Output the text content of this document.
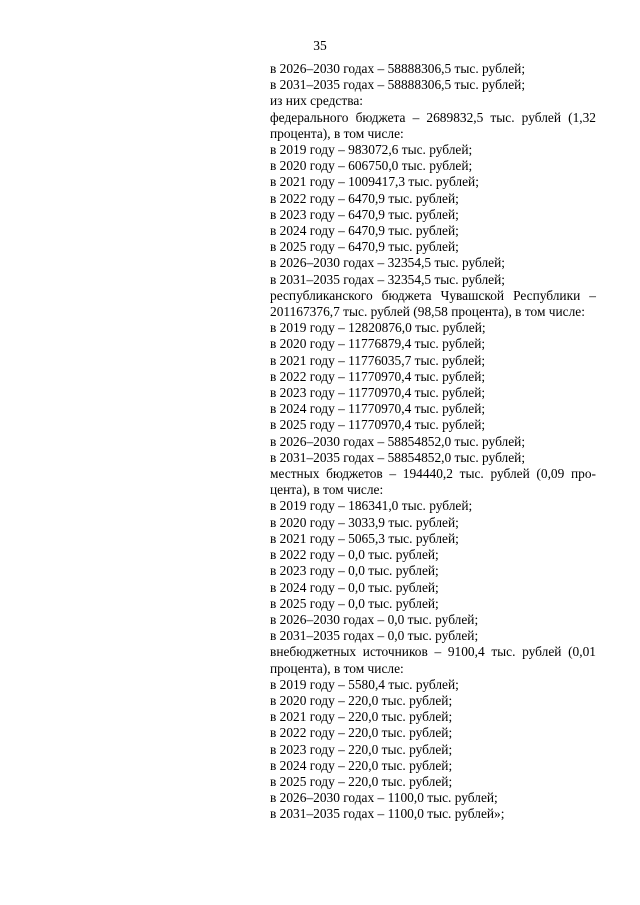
35
в 2026–2030 годах – 58888306,5 тыс. рублей;
в 2031–2035 годах – 58888306,5 тыс. рублей;
из них средства:
федерального бюджета – 2689832,5 тыс. рублей (1,32 процента), в том числе:
в 2019 году – 983072,6 тыс. рублей;
в 2020 году – 606750,0 тыс. рублей;
в 2021 году – 1009417,3 тыс. рублей;
в 2022 году – 6470,9 тыс. рублей;
в 2023 году – 6470,9 тыс. рублей;
в 2024 году – 6470,9 тыс. рублей;
в 2025 году – 6470,9 тыс. рублей;
в 2026–2030 годах – 32354,5 тыс. рублей;
в 2031–2035 годах – 32354,5 тыс. рублей;
республиканского бюджета Чувашской Республики – 201167376,7 тыс. рублей (98,58 процента), в том числе:
в 2019 году – 12820876,0 тыс. рублей;
в 2020 году – 11776879,4 тыс. рублей;
в 2021 году – 11776035,7 тыс. рублей;
в 2022 году – 11770970,4 тыс. рублей;
в 2023 году – 11770970,4 тыс. рублей;
в 2024 году – 11770970,4 тыс. рублей;
в 2025 году – 11770970,4 тыс. рублей;
в 2026–2030 годах – 58854852,0 тыс. рублей;
в 2031–2035 годах – 58854852,0 тыс. рублей;
местных бюджетов – 194440,2 тыс. рублей (0,09 процента), в том числе:
в 2019 году – 186341,0 тыс. рублей;
в 2020 году – 3033,9 тыс. рублей;
в 2021 году – 5065,3 тыс. рублей;
в 2022 году – 0,0 тыс. рублей;
в 2023 году – 0,0 тыс. рублей;
в 2024 году – 0,0 тыс. рублей;
в 2025 году – 0,0 тыс. рублей;
в 2026–2030 годах – 0,0 тыс. рублей;
в 2031–2035 годах – 0,0 тыс. рублей;
внебюджетных источников – 9100,4 тыс. рублей (0,01 процента), в том числе:
в 2019 году – 5580,4 тыс. рублей;
в 2020 году – 220,0 тыс. рублей;
в 2021 году – 220,0 тыс. рублей;
в 2022 году – 220,0 тыс. рублей;
в 2023 году – 220,0 тыс. рублей;
в 2024 году – 220,0 тыс. рублей;
в 2025 году – 220,0 тыс. рублей;
в 2026–2030 годах – 1100,0 тыс. рублей;
в 2031–2035 годах – 1100,0 тыс. рублей»;
